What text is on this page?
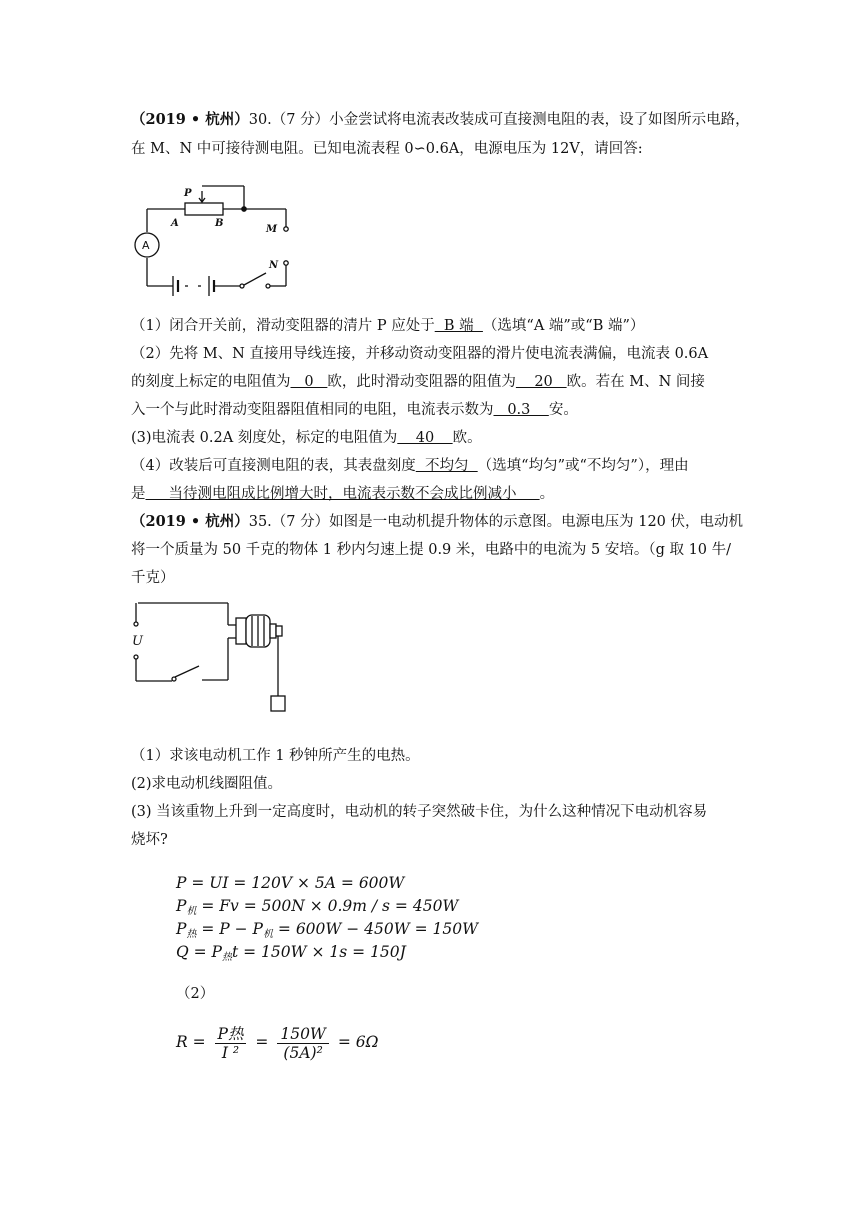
（2019 • 杭州）30.（7 分）小金尝试将电流表改装成可直接测电阻的表，设了如图所示电路，
在 M、N 中可接待测电阻。已知电流表程 0∽0.6A，电源电压为 12V，请回答:
P
A	B
M
N
A
（1）闭合开关前，滑动变阻器的清片 P 应处于  B 端  （选填“A 端”或“B 端”）
（2）先将 M、N 直接用导线连接，并移动资动变阻器的滑片使电流表满偏，电流表 0.6A
的刻度上标定的电阻值为   0   欧，此时滑动变阻器的阻值为    20   欧。若在 M、N 间接
入一个与此时滑动变阻器阻值相同的电阻，电流表示数为   0.3    安。
(3)电流表 0.2A 刻度处，标定的电阻值为    40    欧。
（4）改装后可直接测电阻的表，其表盘刻度  不均匀  （选填“均匀”或“不均匀”），理由
是     当待测电阻成比例增大时，电流表示数不会成比例减小     。
（2019 • 杭州）35.（7 分）如图是一电动机提升物体的示意图。电源电压为 120 伏，电动机
将一个质量为 50 千克的物体 1 秒内匀速上提 0.9 米，电路中的电流为 5 安培。（g 取 10 牛/
千克）
U
（1）求该电动机工作 1 秒钟所产生的电热。
(2)求电动机线圈阻值。
(3) 当该重物上升到一定高度时，电动机的转子突然破卡住，为什么这种情况下电动机容易
烧坏?
P = UI = 120V × 5A = 600W
$P_机 = Fv = 500N \times 0.9m / s = 450W$
$P_热 = P - P_机 = 600W - 450W = 150W$
$Q = P_热t = 150W \times 1s = 150J$
（2）
$R = \frac{\text{P热}}{\text{I ²}} = \frac{150W}{\text{(5A)²}} = 6\Omega$
